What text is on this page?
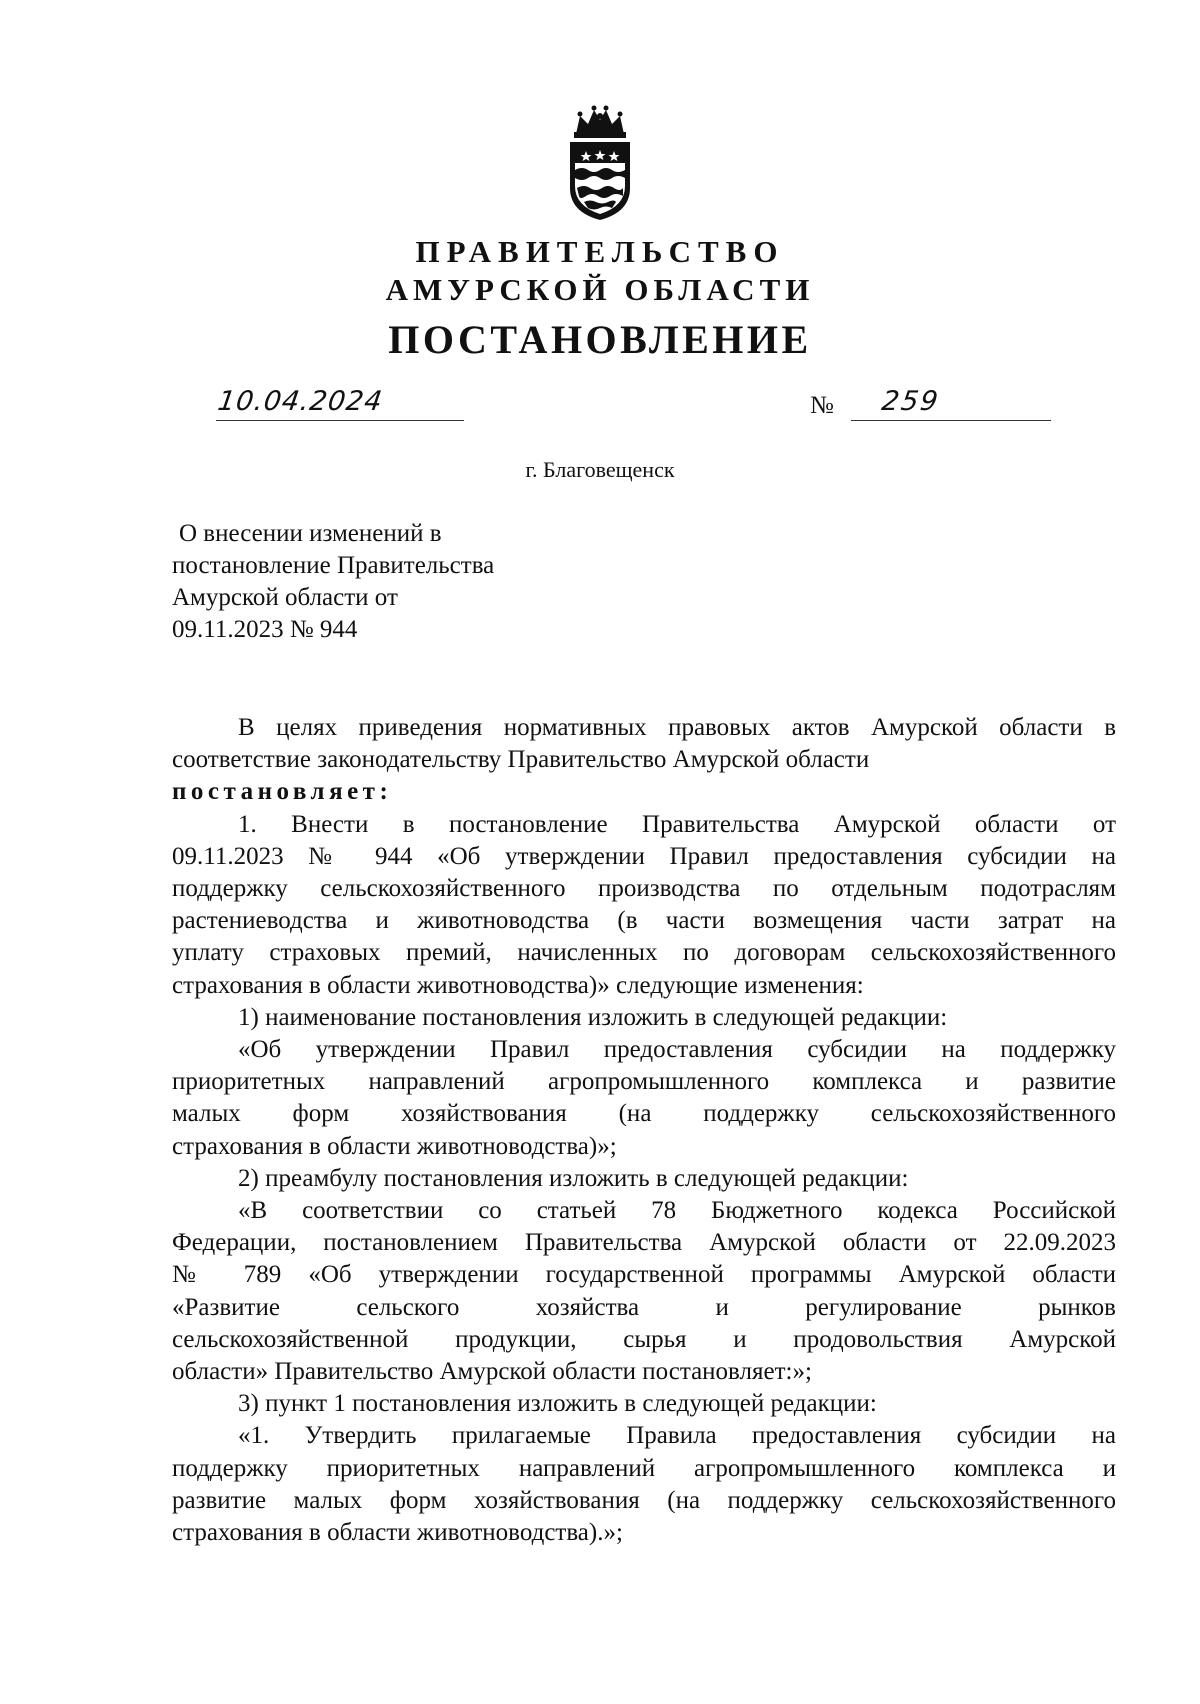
ПРАВИТЕЛЬСТВО
АМУРСКОЙ ОБЛАСТИ
ПОСТАНОВЛЕНИЕ
10.04.2024	№ 259
г. Благовещенск
О внесении изменений в
постановление Правительства
Амурской области от
09.11.2023 № 944
В целях приведения нормативных правовых актов Амурской области в
соответствие законодательству Правительство Амурской области
постановляет:
1. Внести в постановление Правительства Амурской области от
09.11.2023 № 944 «Об утверждении Правил предоставления субсидии на
поддержку сельскохозяйственного производства по отдельным подотраслям
растениеводства и животноводства (в части возмещения части затрат на
уплату страховых премий, начисленных по договорам сельскохозяйственного
страхования в области животноводства)» следующие изменения:
1) наименование постановления изложить в следующей редакции:
«Об утверждении Правил предоставления субсидии на поддержку
приоритетных направлений агропромышленного комплекса и развитие
малых форм хозяйствования (на поддержку сельскохозяйственного
страхования в области животноводства)»;
2) преамбулу постановления изложить в следующей редакции:
«В соответствии со статьей 78 Бюджетного кодекса Российской
Федерации, постановлением Правительства Амурской области от 22.09.2023
№ 789 «Об утверждении государственной программы Амурской области
«Развитие сельского хозяйства и регулирование рынков
сельскохозяйственной продукции, сырья и продовольствия Амурской
области» Правительство Амурской области постановляет:»;
3) пункт 1 постановления изложить в следующей редакции:
«1. Утвердить прилагаемые Правила предоставления субсидии на
поддержку приоритетных направлений агропромышленного комплекса и
развитие малых форм хозяйствования (на поддержку сельскохозяйственного
страхования в области животноводства).»;
